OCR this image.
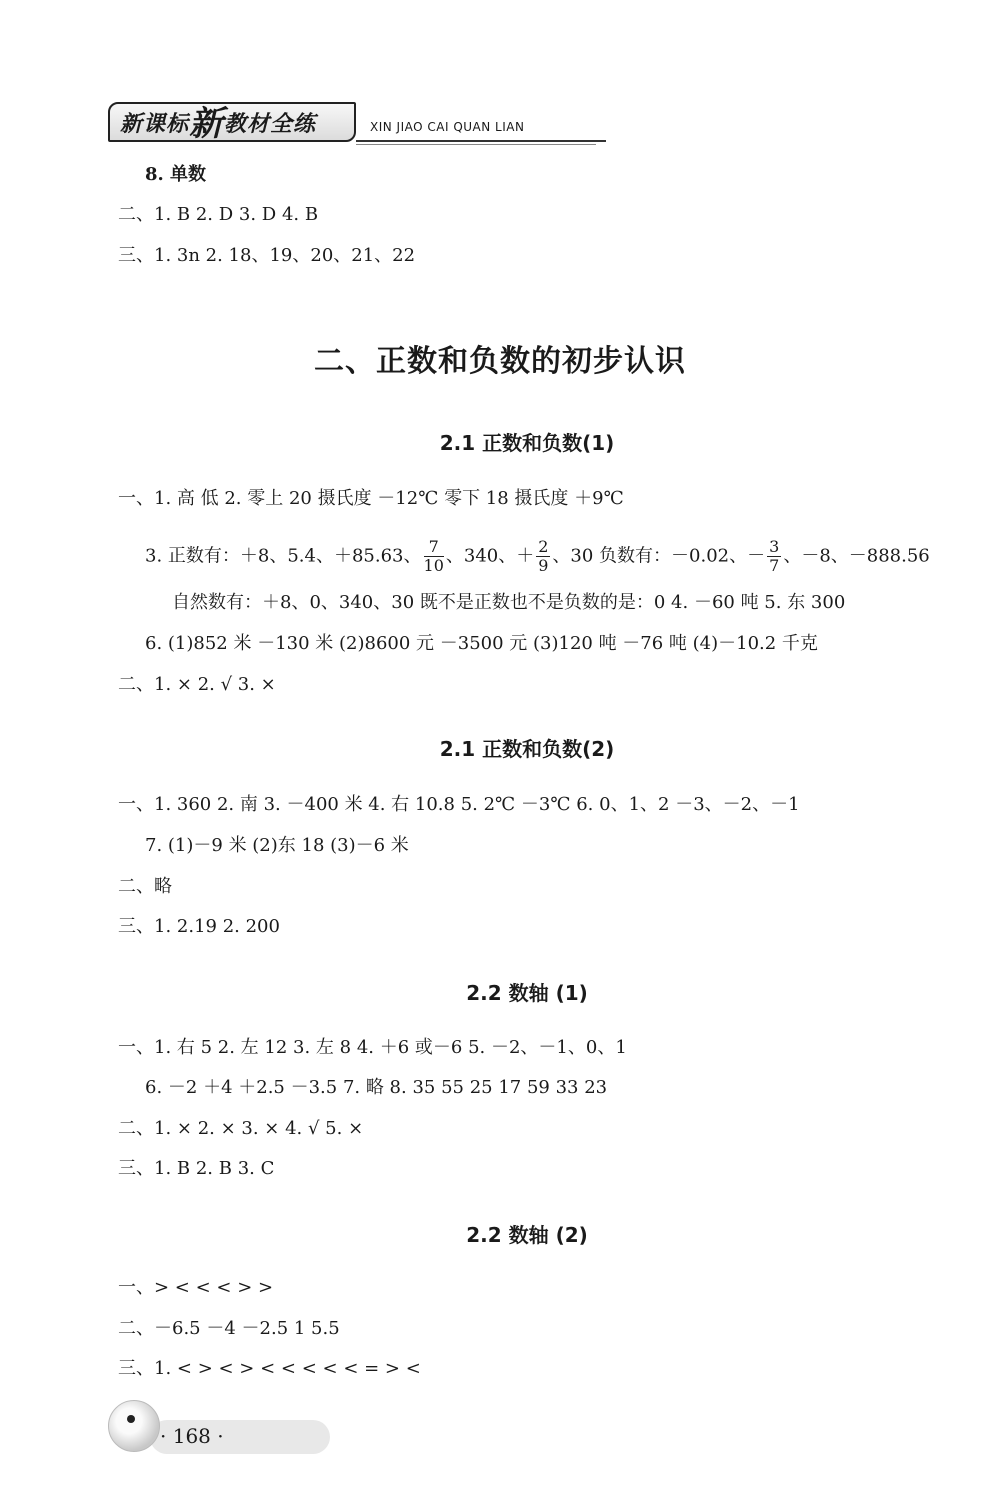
新课标新教材全练	XIN JIAO CAI QUAN LIAN
8. 单数
二、1. B 2. D 3. D 4. B
三、1. 3n 2. 18、19、20、21、22
二、正数和负数的初步认识
2.1 正数和负数(1)
一、1. 高 低 2. 零上 20 摄氏度 －12℃ 零下 18 摄氏度 ＋9℃
3. 正数有：＋8、5.4、＋85.63、 $\frac{7}{10}$ 、340、＋ $\frac{2}{9}$ 、30 负数有：－0.02、－ $\frac{3}{7}$ 、－8、－888.56
自然数有：＋8、0、340、30 既不是正数也不是负数的是：0 4. －60 吨 5. 东 300
6. (1)852 米 －130 米 (2)8600 元 －3500 元 (3)120 吨 －76 吨 (4)－10.2 千克
二、1. × 2. √ 3. ×
2.1 正数和负数(2)
一、1. 360 2. 南 3. －400 米 4. 右 10.8 5. 2℃ －3℃ 6. 0、1、2 －3、－2、－1
7. (1)－9 米 (2)东 18 (3)－6 米
二、略
三、1. 2.19 2. 200
2.2 数轴 (1)
一、1. 右 5 2. 左 12 3. 左 8 4. ＋6 或－6 5. －2、－1、0、1
6. －2 ＋4 ＋2.5 －3.5 7. 略 8. 35 55 25 17 59 33 23
二、1. × 2. × 3. × 4. √ 5. ×
三、1. B 2. B 3. C
2.2 数轴 (2)
一、> < < < > >
二、－6.5 －4 －2.5 1 5.5
三、1. < > < > < < < < < = > <
· 168 ·
